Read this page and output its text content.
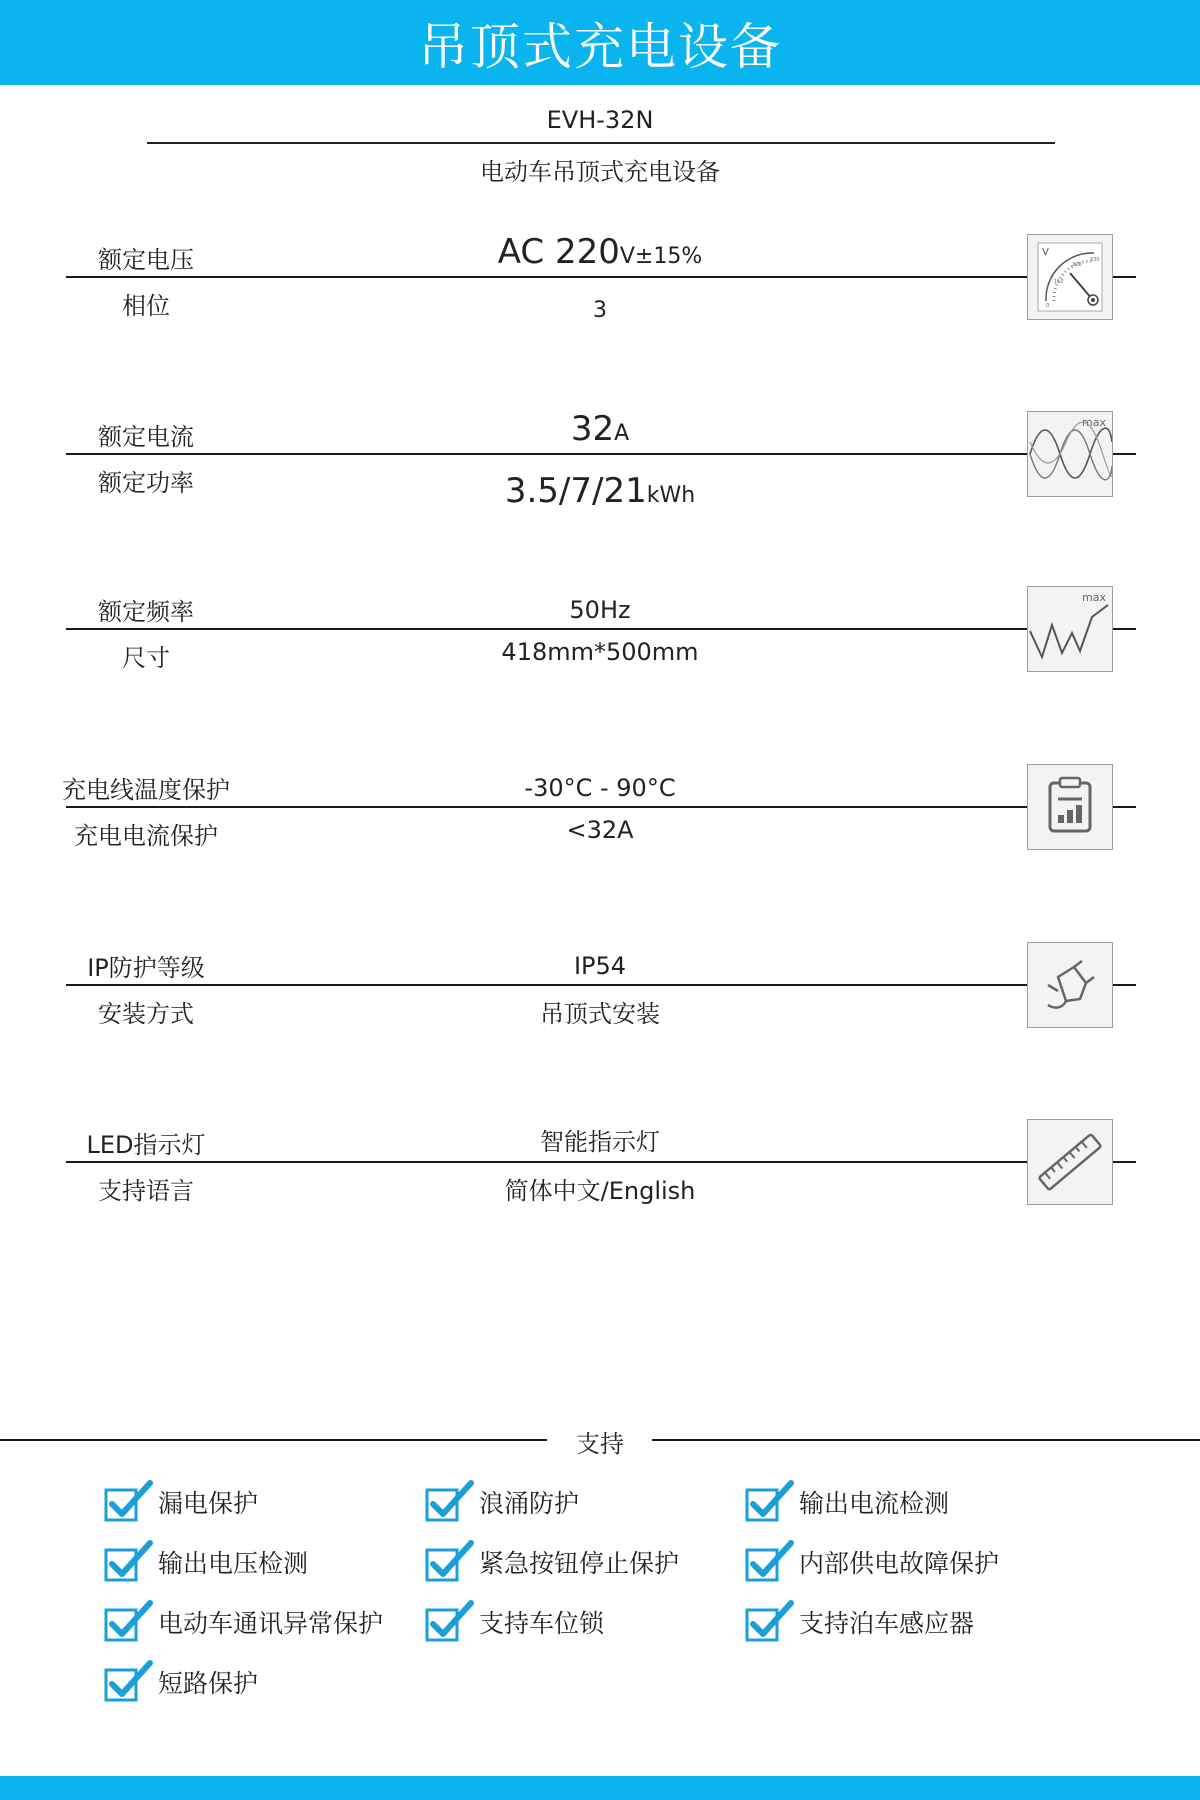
吊顶式充电设备
EVH-32N
电动车吊顶式充电设备
额定电压	AC 220V±15%
相位	3
V
220
330
110
0
额定电流	32A
额定功率	3.5/7/21kWh
max
额定频率	50Hz
尺寸	418mm*500mm
max
充电线温度保护	-30°C - 90°C
充电电流保护	<32A
IP防护等级	IP54
安装方式	吊顶式安装
LED指示灯	智能指示灯
支持语言	简体中文/English
支持
漏电保护	浪涌防护	输出电流检测
输出电压检测	紧急按钮停止保护	内部供电故障保护
电动车通讯异常保护	支持车位锁	支持泊车感应器
短路保护
